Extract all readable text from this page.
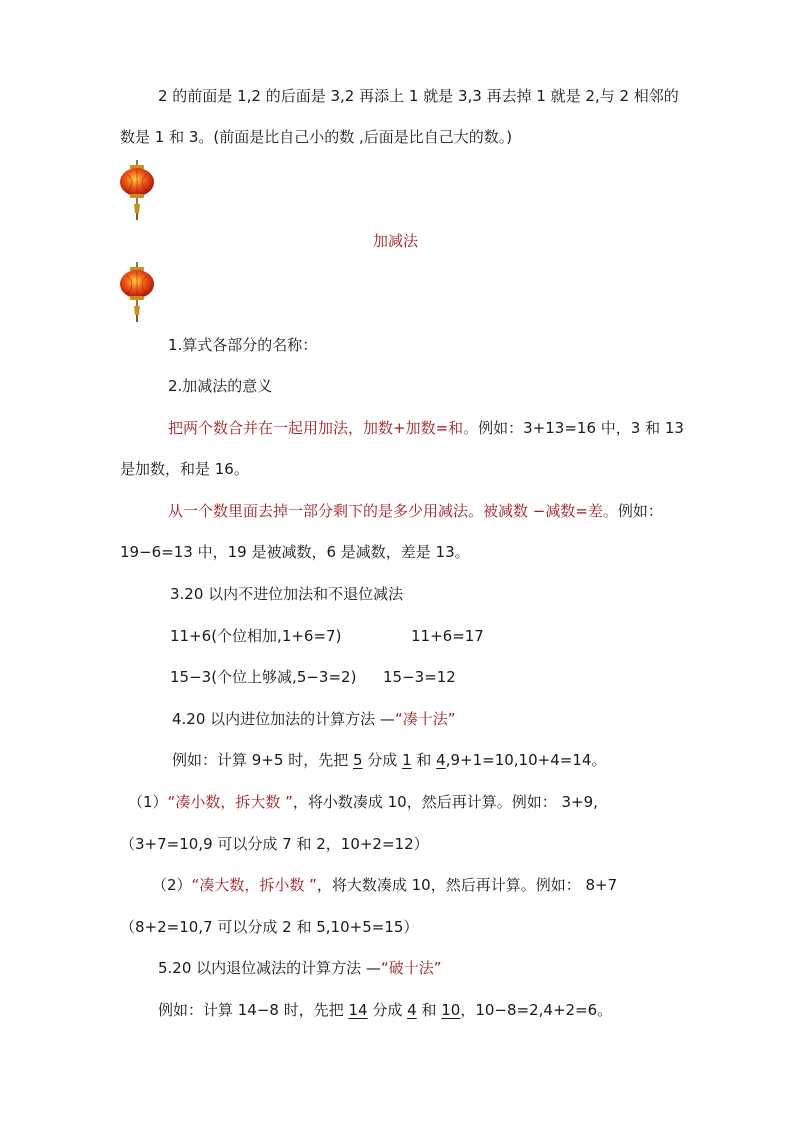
2 的前面是 1,2 的后面是 3,2 再添上 1 就是 3,3 再去掉 1 就是 2,与 2 相邻的
数是 1 和 3。(前面是比自己小的数 ,后面是比自己大的数。)
加减法
1.算式各部分的名称：
2.加减法的意义
把两个数合并在一起用加法，加数+加数=和。例如：3+13=16 中，3 和 13
是加数，和是 16。
从一个数里面去掉一部分剩下的是多少用减法。被减数 −减数=差。例如：
19−6=13 中，19 是被减数，6 是减数，差是 13。
3.20 以内不进位加法和不退位减法
11+6(个位相加,1+6=7)	11+6=17
15−3(个位上够减,5−3=2) 15−3=12
4.20 以内进位加法的计算方法 —“凑十法”
例如：计算 9+5 时，先把 5 分成 1 和 4,9+1=10,10+4=14。
（1）“凑小数，拆大数 ”，将小数凑成 10，然后再计算。例如： 3+9,
（3+7=10,9 可以分成 7 和 2，10+2=12）
（2）“凑大数，拆小数 ”，将大数凑成 10，然后再计算。例如： 8+7
（8+2=10,7 可以分成 2 和 5,10+5=15）
5.20 以内退位减法的计算方法 —“破十法”
例如：计算 14−8 时，先把 14 分成 4 和 10，10−8=2,4+2=6。
